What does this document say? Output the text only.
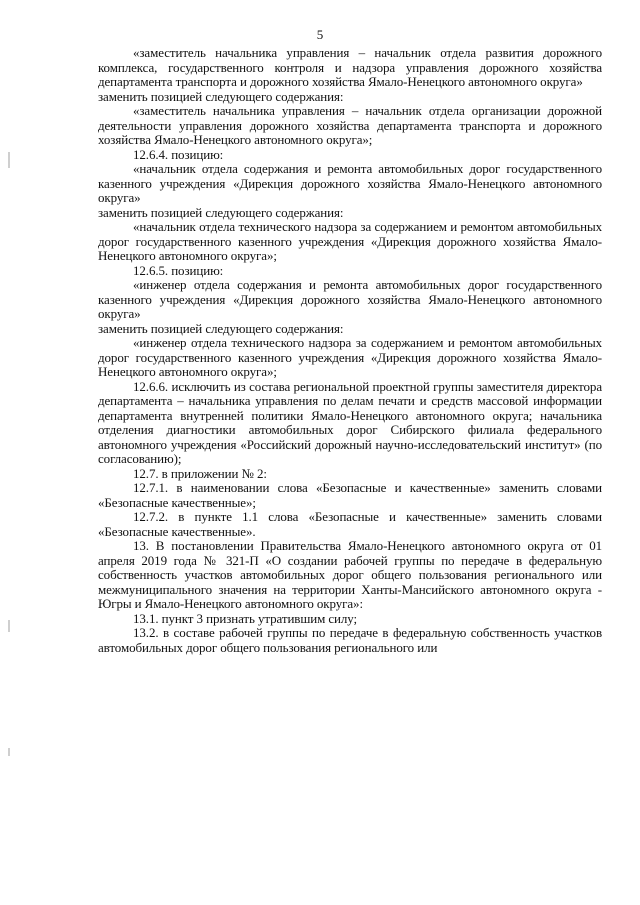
5

«заместитель начальника управления – начальник отдела развития дорожного комплекса, государственного контроля и надзора управления дорожного хозяйства департамента транспорта и дорожного хозяйства Ямало-Ненецкого автономного округа»

заменить позицией следующего содержания:

«заместитель начальника управления – начальник отдела организации дорожной деятельности управления дорожного хозяйства департамента транспорта и дорожного хозяйства Ямало-Ненецкого автономного округа»;

12.6.4. позицию:

«начальник отдела содержания и ремонта автомобильных дорог государственного казенного учреждения «Дирекция дорожного хозяйства Ямало-Ненецкого автономного округа»

заменить позицией следующего содержания:

«начальник отдела технического надзора за содержанием и ремонтом автомобильных дорог государственного казенного учреждения «Дирекция дорожного хозяйства Ямало-Ненецкого автономного округа»;

12.6.5. позицию:

«инженер отдела содержания и ремонта автомобильных дорог государственного казенного учреждения «Дирекция дорожного хозяйства Ямало-Ненецкого автономного округа»

заменить позицией следующего содержания:

«инженер отдела технического надзора за содержанием и ремонтом автомобильных дорог государственного казенного учреждения «Дирекция дорожного хозяйства Ямало-Ненецкого автономного округа»;

12.6.6. исключить из состава региональной проектной группы заместителя директора департамента – начальника управления по делам печати и средств массовой информации департамента внутренней политики Ямало-Ненецкого автономного округа; начальника отделения диагностики автомобильных дорог Сибирского филиала федерального автономного учреждения «Российский дорожный научно-исследовательский институт» (по согласованию);

12.7. в приложении № 2:

12.7.1. в наименовании слова «Безопасные и качественные» заменить словами «Безопасные качественные»;

12.7.2. в пункте 1.1 слова «Безопасные и качественные» заменить словами «Безопасные качественные».

13. В постановлении Правительства Ямало-Ненецкого автономного округа от 01 апреля 2019 года № 321-П «О создании рабочей группы по передаче в федеральную собственность участков автомобильных дорог общего пользования регионального или межмуниципального значения на территории Ханты-Мансийского автономного округа - Югры и Ямало-Ненецкого автономного округа»:

13.1. пункт 3 признать утратившим силу;

13.2. в составе рабочей группы по передаче в федеральную собственность участков автомобильных дорог общего пользования регионального или
